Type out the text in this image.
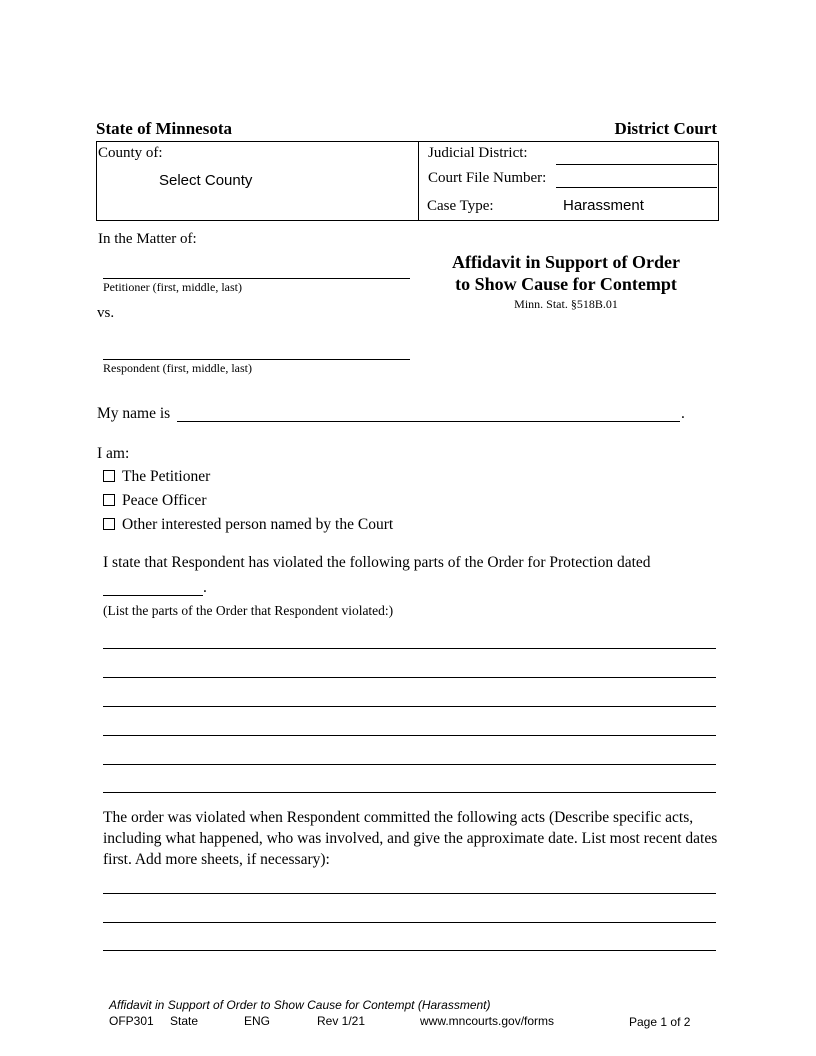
State of Minnesota	District Court
County of:
Select County
Judicial District:
Court File Number:
Case Type:	Harassment
In the Matter of:
Petitioner (first, middle, last)
vs.
Respondent (first, middle, last)
Affidavit in Support of Order
to Show Cause for Contempt
Minn. Stat. §518B.01
My name is	.
I am:
The Petitioner
Peace Officer
Other interested person named by the Court
I state that Respondent has violated the following parts of the Order for Protection dated
.
(List the parts of the Order that Respondent violated:)
The order was violated when Respondent committed the following acts (Describe specific acts, including what happened, who was involved, and give the approximate date. List most recent dates first. Add more sheets, if necessary):
Affidavit in Support of Order to Show Cause for Contempt (Harassment)
OFP301 State	ENG	Rev 1/21	www.mncourts.gov/forms	Page 1 of 2
